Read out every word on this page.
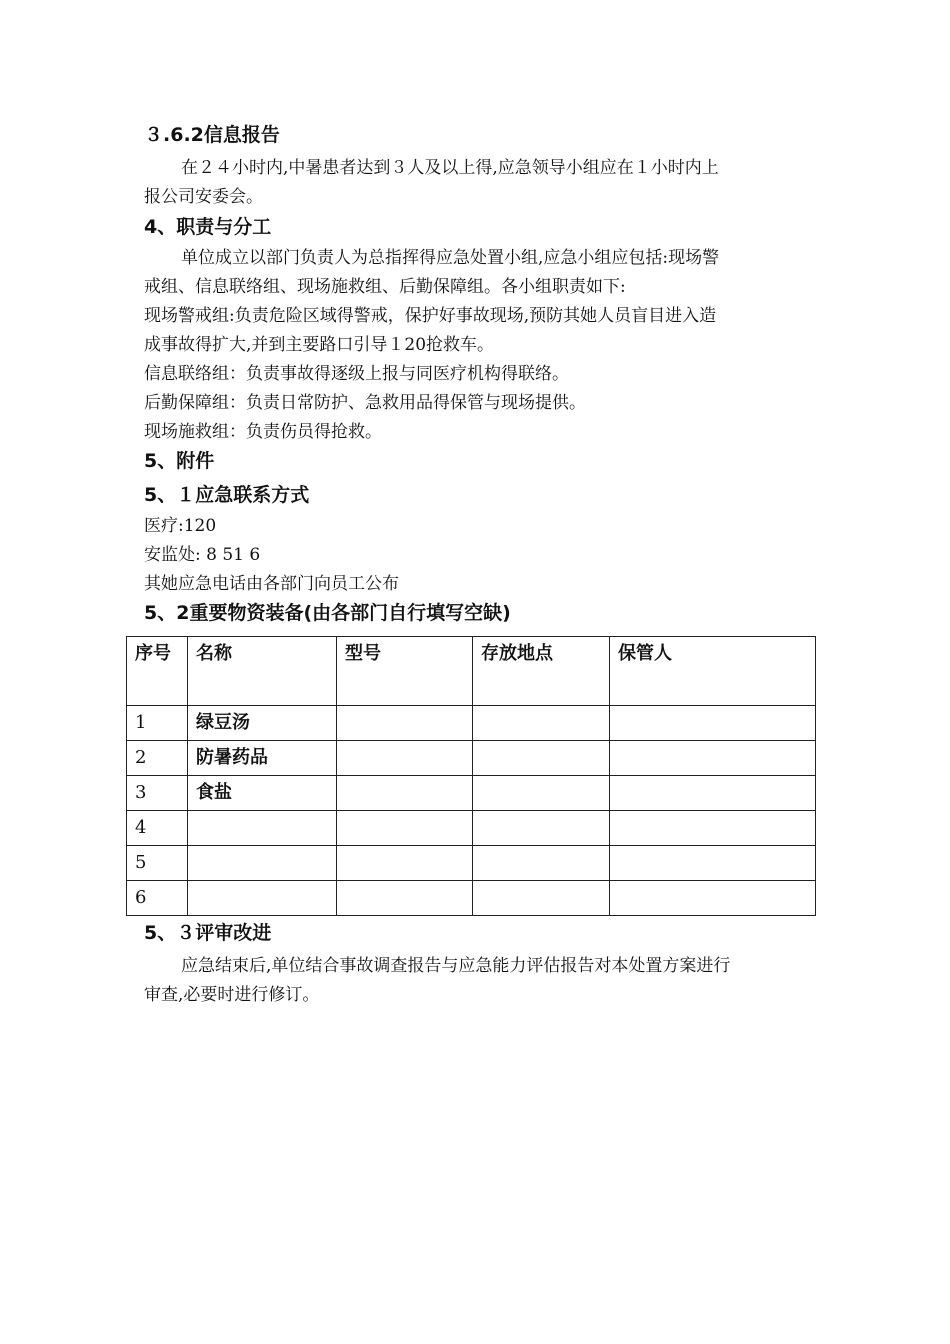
３.6.2信息报告
在２４小时内,中暑患者达到３人及以上得,应急领导小组应在１小时内上
报公司安委会。
4、职责与分工
单位成立以部门负责人为总指挥得应急处置小组,应急小组应包括:现场警
戒组、信息联络组、现场施救组、后勤保障组。各小组职责如下:
现场警戒组:负责危险区域得警戒，保护好事故现场,预防其她人员盲目进入造
成事故得扩大,并到主要路口引导１20抢救车。
信息联络组：负责事故得逐级上报与同医疗机构得联络。
后勤保障组：负责日常防护、急救用品得保管与现场提供。
现场施救组：负责伤员得抢救。
5、附件
5、１应急联系方式
医疗:120
安监处: 8 51 6
其她应急电话由各部门向员工公布
5、2重要物资装备(由各部门自行填写空缺)
序号	名称	型号	存放地点	保管人
1	绿豆汤			
2	防暑药品			
3	食盐			
4				
5				
6				
5、３评审改进
应急结束后,单位结合事故调查报告与应急能力评估报告对本处置方案进行
审查,必要时进行修订。
